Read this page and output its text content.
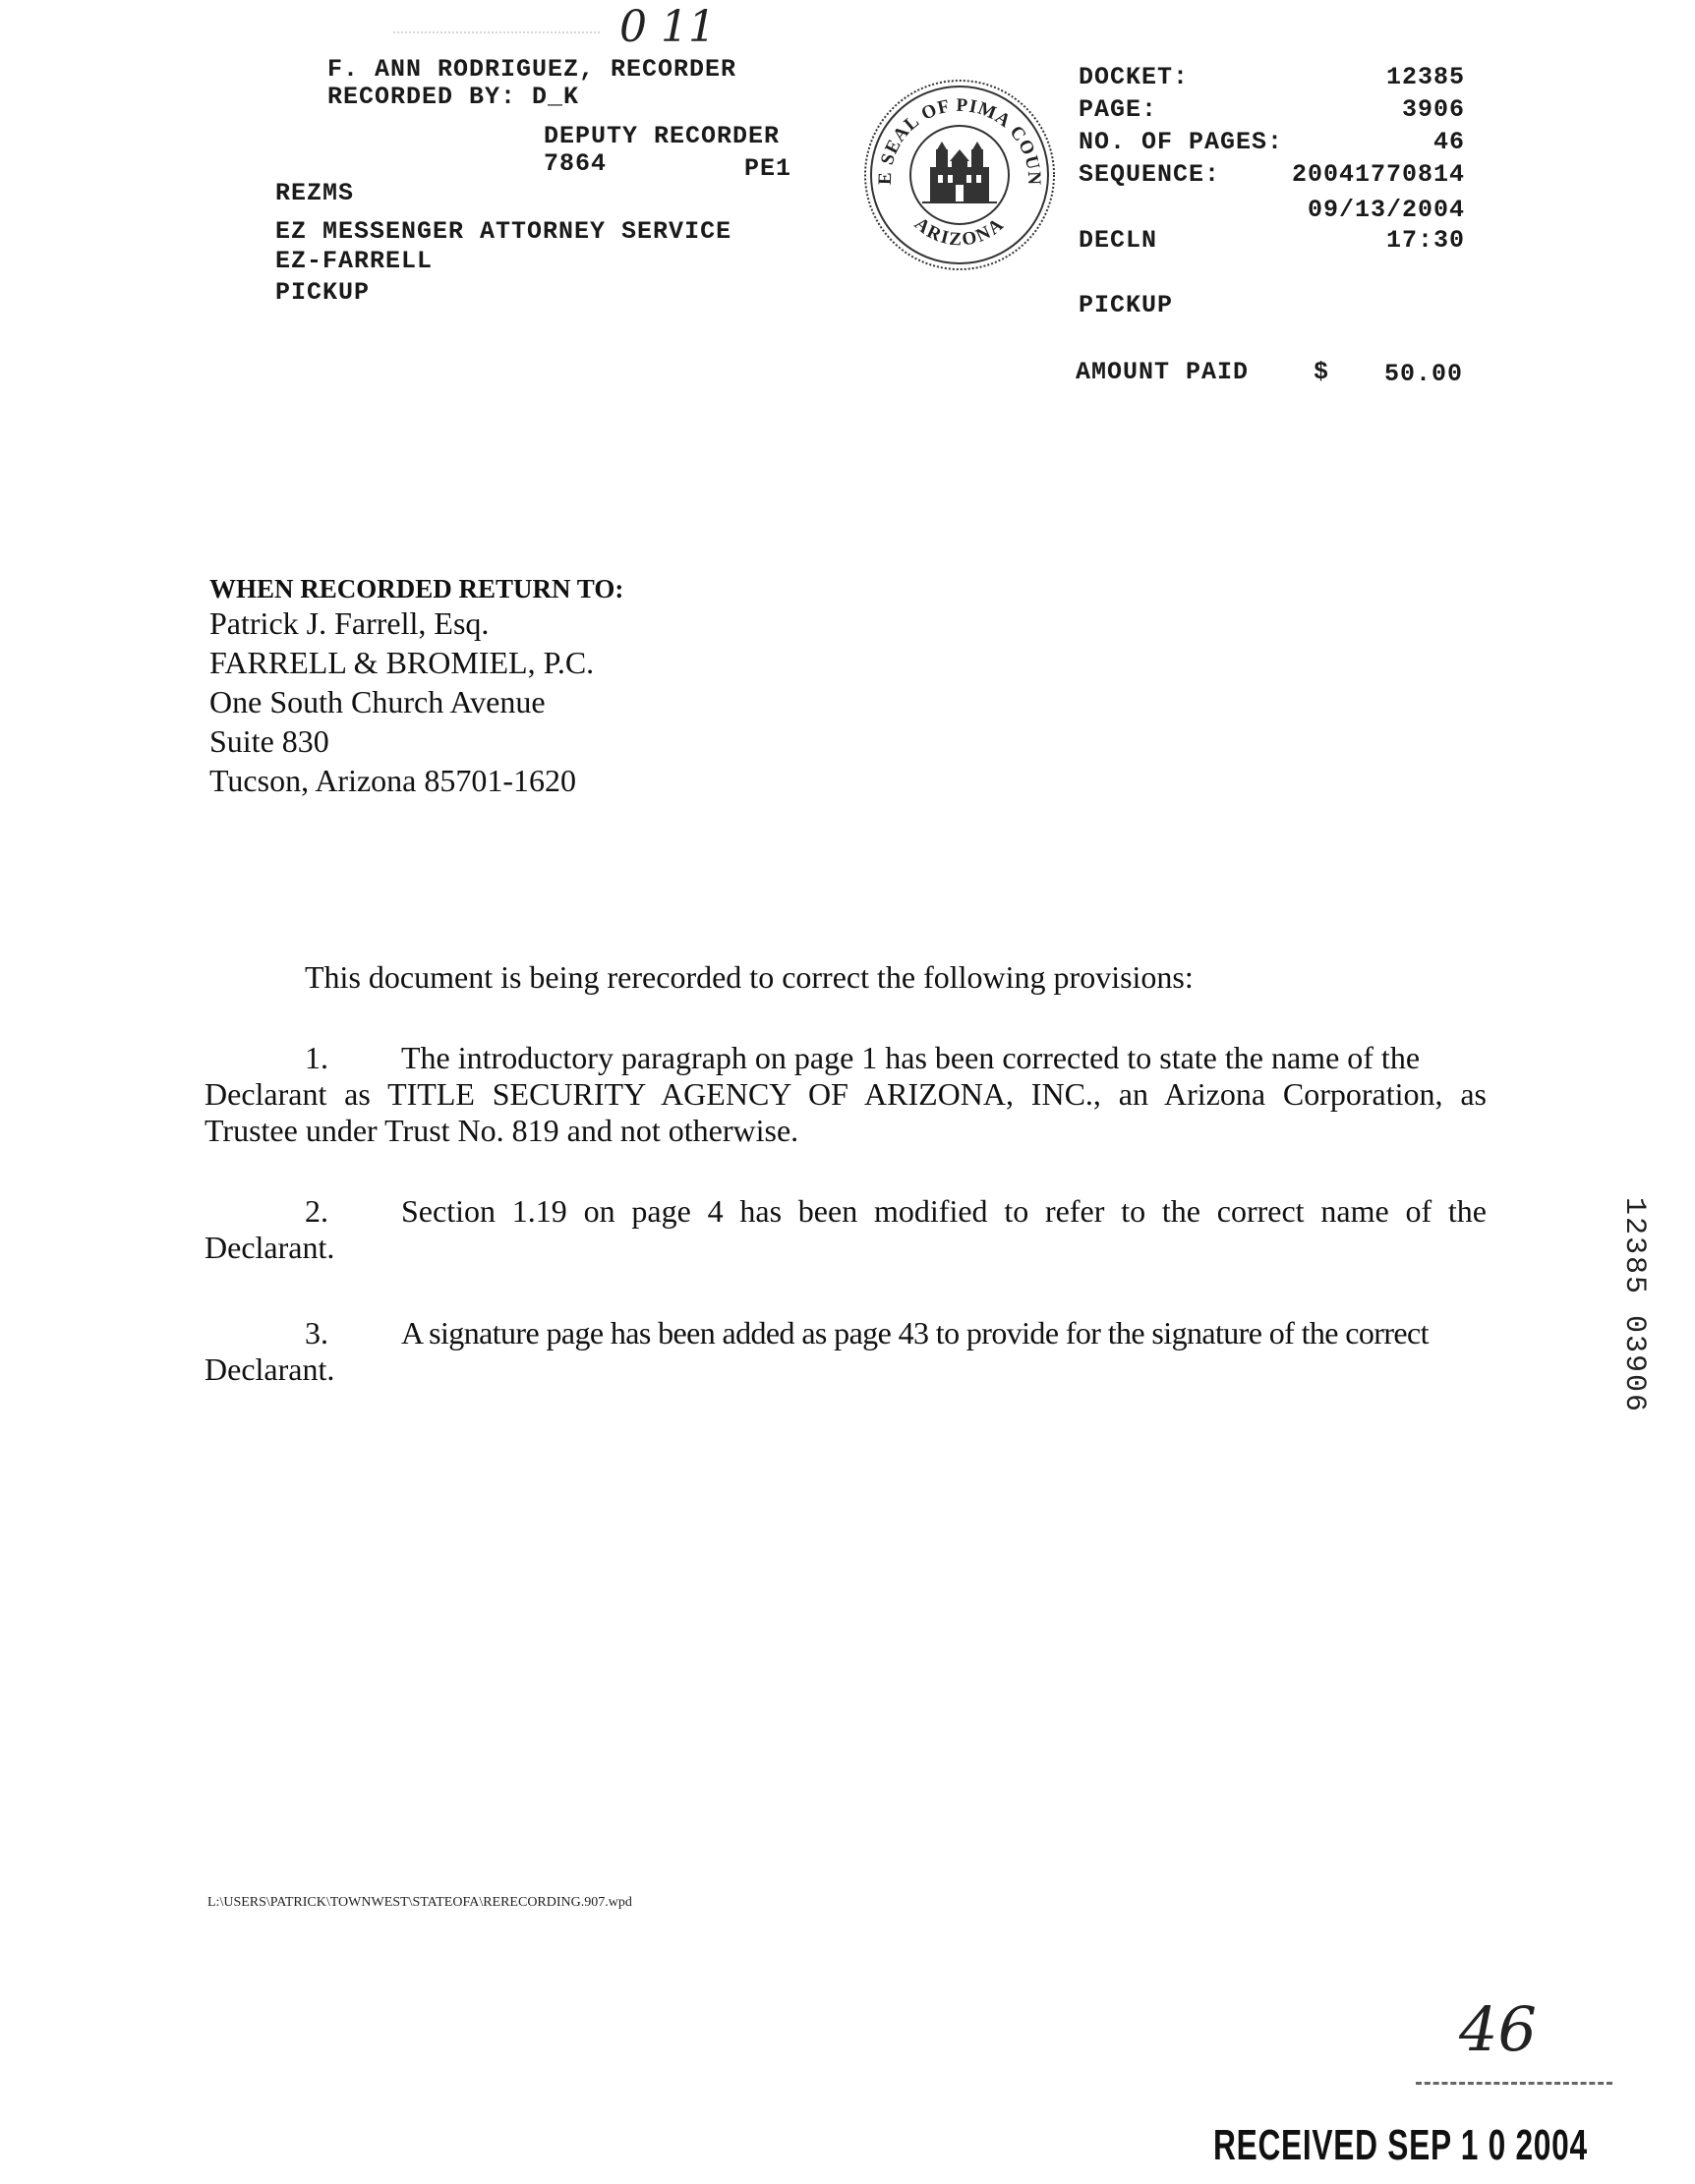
0 11
F. ANN RODRIGUEZ, RECORDER
RECORDED BY: D_K
DEPUTY RECORDER
7864	PE1
REZMS
EZ MESSENGER ATTORNEY SERVICE
EZ-FARRELL
PICKUP
E SEAL OF PIMA COUN
ARIZONA
DOCKET:	12385
PAGE:	3906
NO. OF PAGES:	46
SEQUENCE:	20041770814
09/13/2004
DECLN	17:30
PICKUP
AMOUNT PAID	$ 50.00
WHEN RECORDED RETURN TO:
Patrick J. Farrell, Esq.
FARRELL & BROMIEL, P.C.
One South Church Avenue
Suite 830
Tucson, Arizona 85701-1620
This document is being rerecorded to correct the following provisions:
1.	The introductory paragraph on page 1 has been corrected to state the name of the
Declarant as TITLE SECURITY AGENCY OF ARIZONA, INC., an Arizona Corporation, as
Trustee under Trust No. 819 and not otherwise.
2.	Section 1.19 on page 4 has been modified to refer to the correct name of the
Declarant.
3.	A signature page has been added as page 43 to provide for the signature of the correct
Declarant.	12385 03906
L:\USERS\PATRICK\TOWNWEST\STATEOFA\RERECORDING.907.wpd
46
RECEIVED SEP 1 0 2004
